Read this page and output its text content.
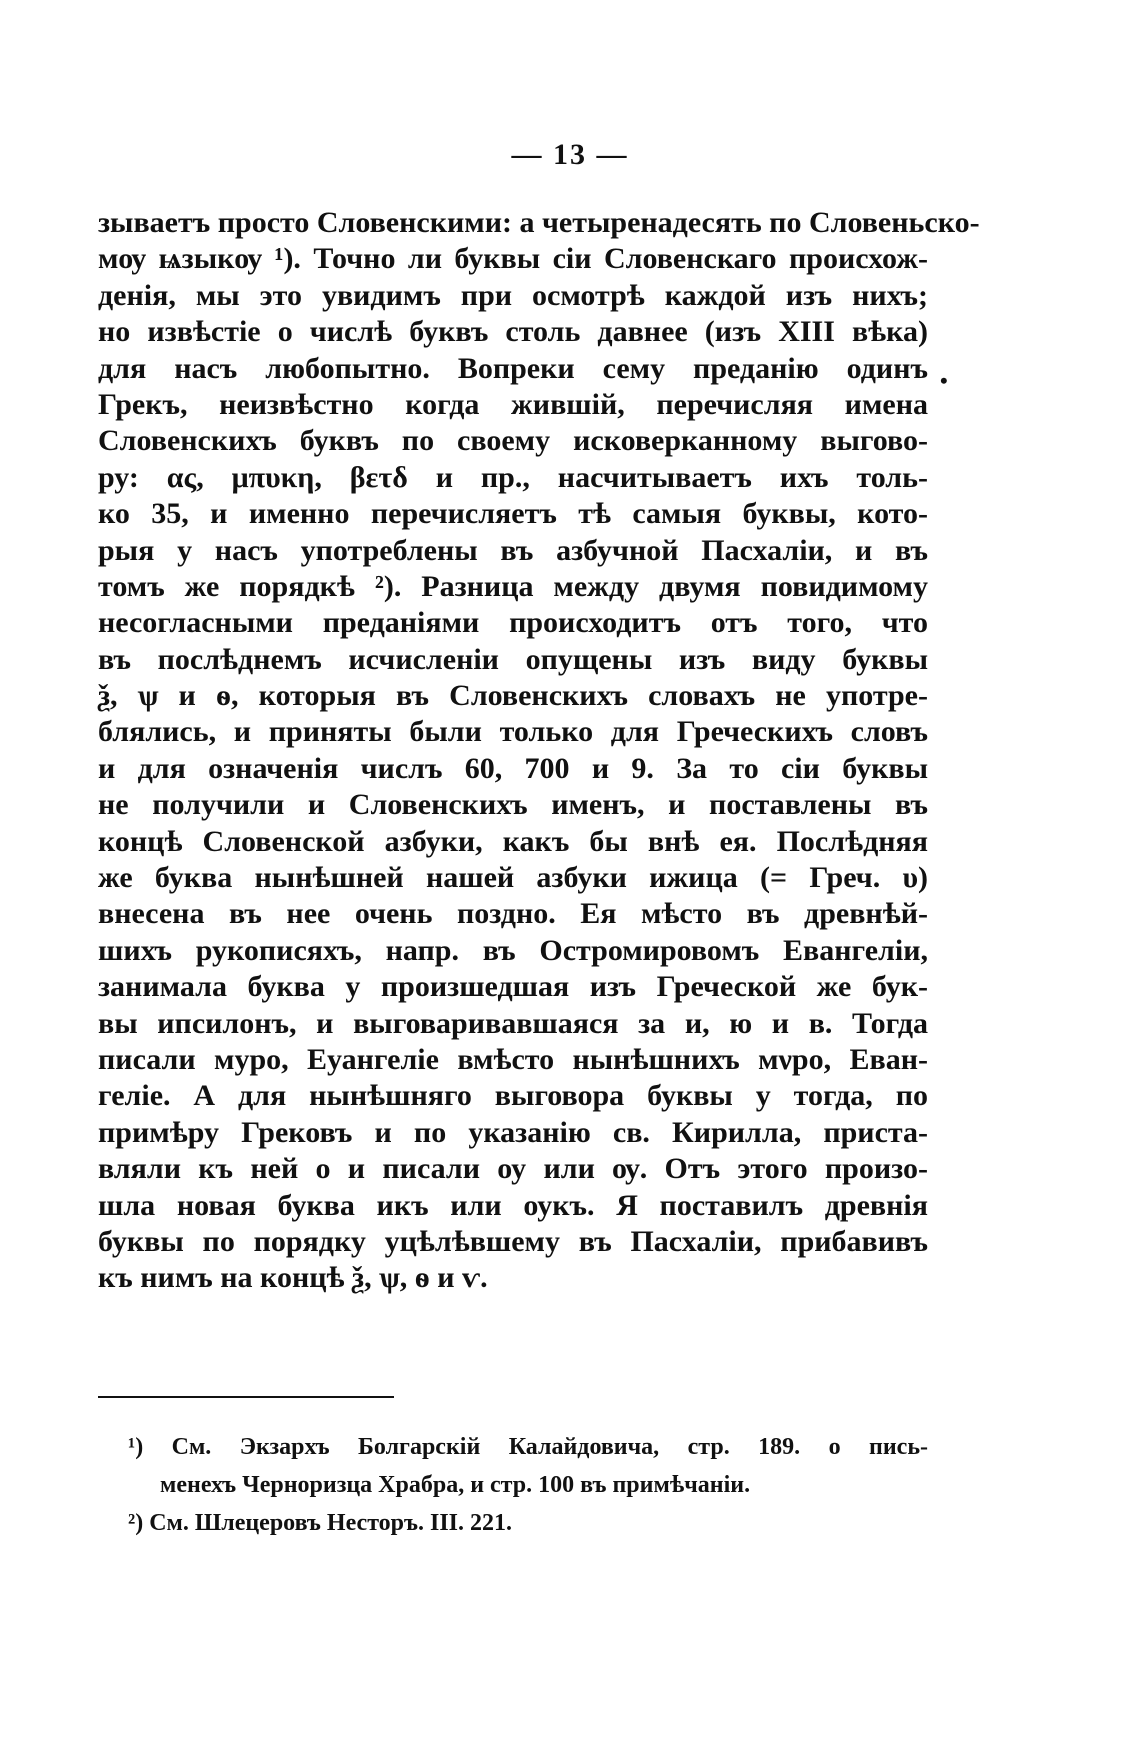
— 13 —
зываетъ просто Словенскими: а четыренадесять по Словеньско-
мѹ ѩзыкѹ ¹). Точно ли буквы сіи Словенскаго происхож-
денія, мы это увидимъ при осмотрѣ каждой изъ нихъ;
но извѣстіе о числѣ буквъ столь давнее (изъ XIII вѣка)
для насъ любопытно. Вопреки сему преданію одинъ
Грекъ, неизвѣстно когда жившій, перечисляя имена
Словенскихъ буквъ по своему исковерканному выгово-
ру: ας, μπυκη, βετδ и пр., насчитываетъ ихъ толь-
ко 35, и именно перечисляетъ тѣ самыя буквы, кото-
рыя у насъ употреблены въ азбучной Пасхаліи, и въ
томъ же порядкѣ ²). Разница между двумя повидимому
несогласными преданіями происходитъ отъ того, что
въ послѣднемъ исчисленіи опущены изъ виду буквы
ѯ, ѱ и ѳ, которыя въ Словенскихъ словахъ не употре-
блялись, и приняты были только для Греческихъ словъ
и для означенія числъ 60, 700 и 9. За то сіи буквы
не получили и Словенскихъ именъ, и поставлены въ
концѣ Словенской азбуки, какъ бы внѣ ея. Послѣдняя
же буква нынѣшней нашей азбуки ижица (= Греч. υ)
внесена въ нее очень поздно. Ея мѣсто въ древнѣй-
шихъ рукописяхъ, напр. въ Остромировомъ Евангеліи,
занимала буква у произшедшая изъ Греческой же бук-
вы ипсилонъ, и выговаривавшаяся за и, ю и в. Тогда
писали муро, Еуангеліе вмѣсто нынѣшнихъ мνро, Еван-
геліе. А для нынѣшняго выговора буквы у тогда, по
примѣру Грековъ и по указанію св. Кирилла, приста-
вляли къ ней о и писали оу или ѹ. Отъ этого произо-
шла новая буква икъ или оукъ. Я поставилъ древнія
буквы по порядку уцѣлѣвшему въ Пасхаліи, прибавивъ
къ нимъ на концѣ ѯ, ѱ, ѳ и ѵ.
•
¹) См. Экзархъ Болгарскій Калайдовича, стр. 189. о пись-
менехъ Черноризца Храбра, и стр. 100 въ примѣчаніи.
²) См. Шлецеровъ Несторъ. III. 221.
